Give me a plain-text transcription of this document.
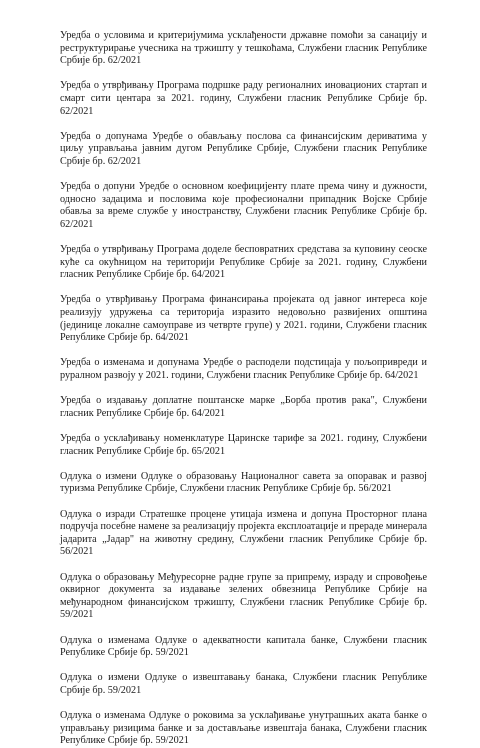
Уредба о условима и критеријумима усклађености државне помоћи за санацију и реструктурирање учесника на тржишту у тешкоћама, Службени гласник Републике Србије бр. 62/2021

Уредба о утврђивању Програма подршке раду регионалних иновационих стартап и смарт сити центара за 2021. годину, Службени гласник Републике Србије бр. 62/2021

Уредба о допунама Уредбе о обављању послова са финансијским дериватима у циљу управљања јавним дугом Републике Србије, Службени гласник Републике Србије бр. 62/2021

Уредба о допуни Уредбе о основном коефицијенту плате према чину и дужности, односно задацима и пословима које професионални припадник Војске Србије обавља за време службе у иностранству, Службени гласник Републике Србије бр. 62/2021

Уредба о утврђивању Програма доделе бесповратних средстава за куповину сеоске куће са окућницом на територији Републике Србије за 2021. годину, Службени гласник Републике Србије бр. 64/2021

Уредба о утврђивању Програма финансирања пројеката од јавног интереса које реализују удружења са територија изразито недовољно развијених општина (јединице локалне самоуправе из четврте групе) у 2021. години, Службени гласник Републике Србије бр. 64/2021

Уредба о изменама и допунама Уредбе о расподели подстицаја у пољопривреди и руралном развоју у 2021. години, Службени гласник Републике Србије бр. 64/2021

Уредба о издавању доплатне поштанске марке „Борба против рака", Службени гласник Републике Србије бр. 64/2021

Уредба о усклађивању номенклатуре Царинске тарифе за 2021. годину, Службени гласник Републике Србије бр. 65/2021

Одлука о измени Одлуке о образовању Националног савета за опоравак и развој туризма Републике Србије, Службени гласник Републике Србије бр. 56/2021

Одлука о изради Стратешке процене утицаја измена и допуна Просторног плана подручја посебне намене за реализацију пројекта експлоатације и прераде минерала јадарита „Јадар" на животну средину, Службени гласник Републике Србије бр. 56/2021

Одлука о образовању Међуресорне радне групе за припрему, израду и спровођење оквирног документа за издавање зелених обвезница Републике Србије на међународном финансијском тржишту, Службени гласник Републике Србије бр. 59/2021

Одлука о изменама Одлуке о адекватности капитала банке, Службени гласник Републике Србије бр. 59/2021

Одлука о измени Одлуке о извештавању банака, Службени гласник Републике Србије бр. 59/2021

Одлука о изменама Одлуке о роковима за усклађивање унутрашњих аката банке о управљању ризицима банке и за достављање извештаја банака, Службени гласник Републике Србије бр. 59/2021
